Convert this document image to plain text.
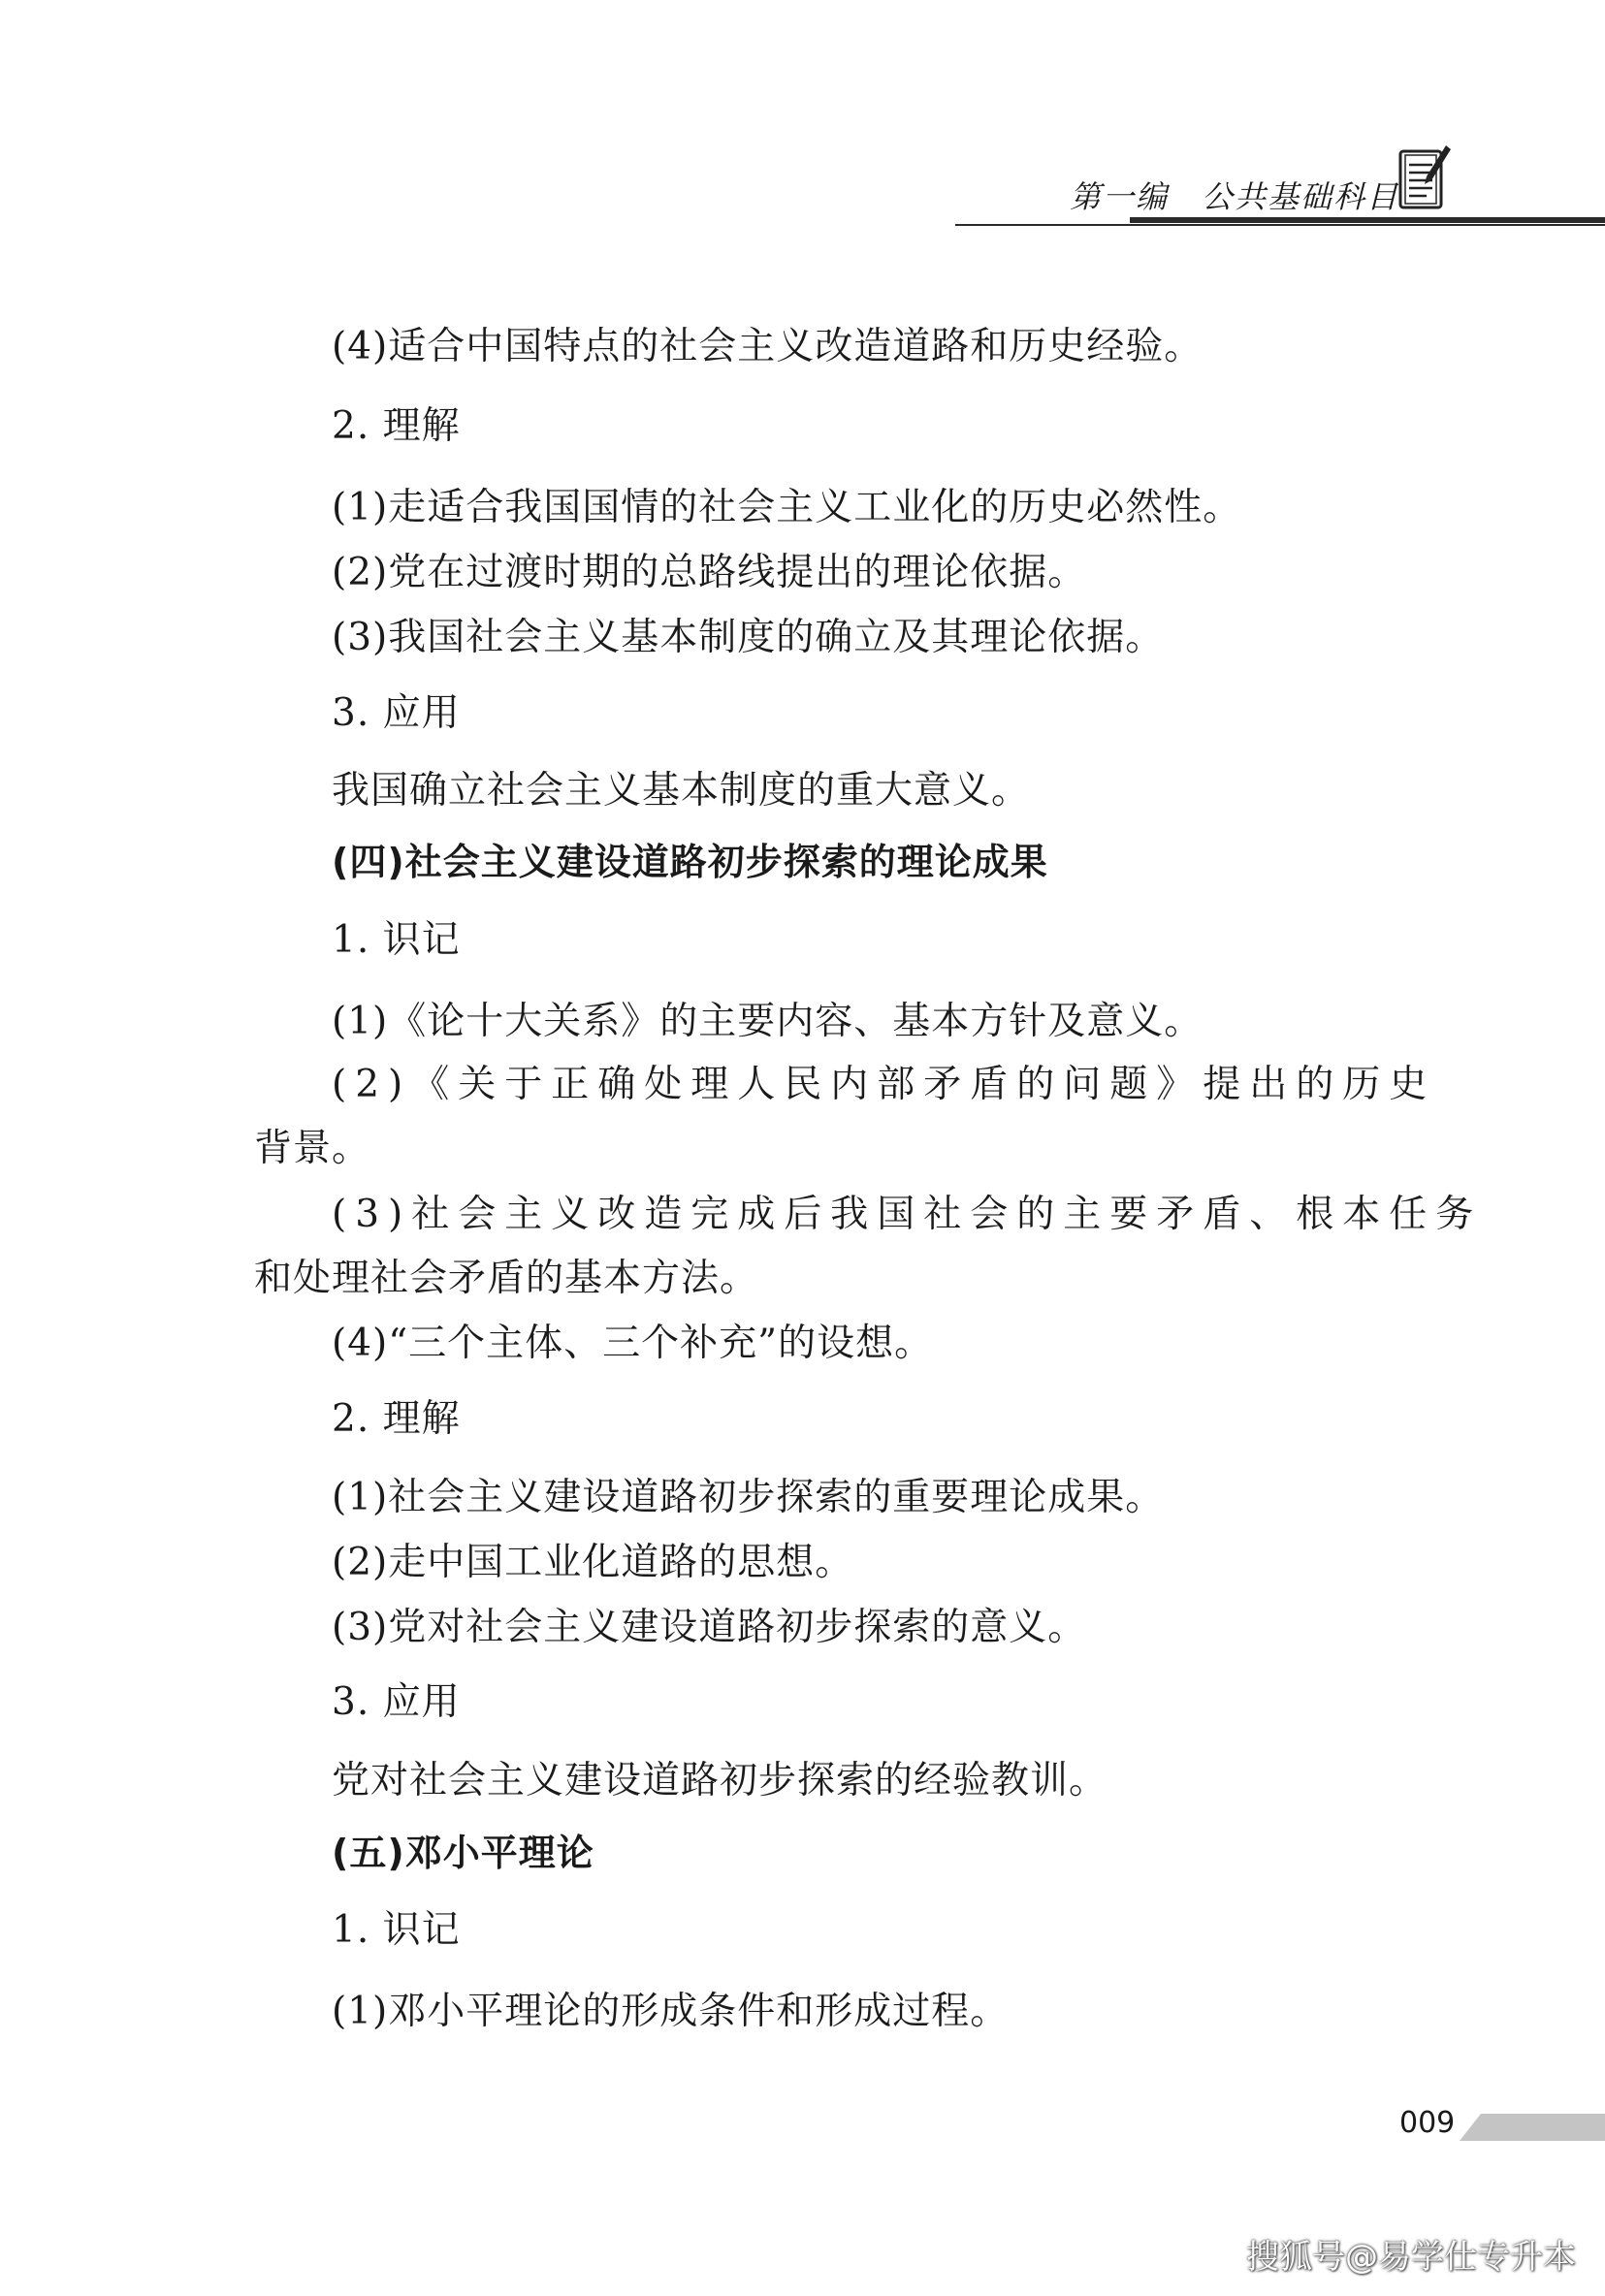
第一编 公共基础科目
(4)适合中国特点的社会主义改造道路和历史经验。
2. 理解
(1)走适合我国国情的社会主义工业化的历史必然性。
(2)党在过渡时期的总路线提出的理论依据。
(3)我国社会主义基本制度的确立及其理论依据。
3. 应用
我国确立社会主义基本制度的重大意义。
(四)社会主义建设道路初步探索的理论成果
1. 识记
(1)《论十大关系》的主要内容、基本方针及意义。
(2)《关于正确处理人民内部矛盾的问题》提出的历史
背景。
(3)社会主义改造完成后我国社会的主要矛盾、根本任务
和处理社会矛盾的基本方法。
(4)“三个主体、三个补充”的设想。
2. 理解
(1)社会主义建设道路初步探索的重要理论成果。
(2)走中国工业化道路的思想。
(3)党对社会主义建设道路初步探索的意义。
3. 应用
党对社会主义建设道路初步探索的经验教训。
(五)邓小平理论
1. 识记
(1)邓小平理论的形成条件和形成过程。
009
搜狐号@易学仕专升本
